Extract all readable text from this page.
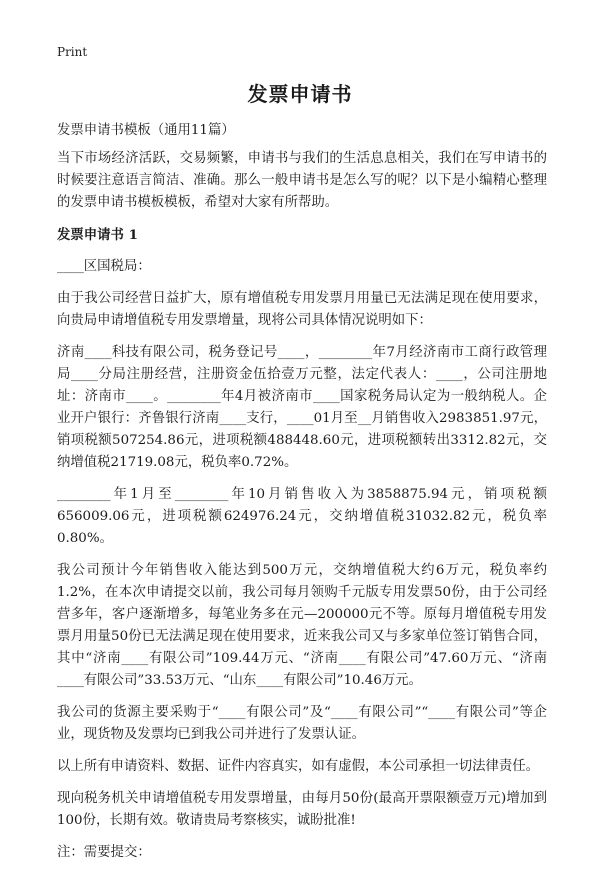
Print
发票申请书

发票申请书模板（通用11篇）

当下市场经济活跃，交易频繁，申请书与我们的生活息息相关，我们在写申请书的时候要注意语言简洁、准确。那么一般申请书是怎么写的呢？以下是小编精心整理的发票申请书模板模板，希望对大家有所帮助。

发票申请书 1

____区国税局：

由于我公司经营日益扩大，原有增值税专用发票月用量已无法满足现在使用要求，向贵局申请增值税专用发票增量，现将公司具体情况说明如下：

济南____科技有限公司，税务登记号____，________年7月经济南市工商行政管理局____分局注册经营，注册资金伍拾壹万元整，法定代表人：____，公司注册地址：济南市____。________年4月被济南市____国家税务局认定为一般纳税人。企业开户银行：齐鲁银行济南____支行，____01月至__月销售收入2983851.97元，销项税额507254.86元，进项税额488448.60元，进项税额转出3312.82元，交纳增值税21719.08元，税负率0.72%。

________年1月至________年10月销售收入为3858875.94元，销项税额656009.06元，进项税额624976.24元，交纳增值税31032.82元，税负率0.80%。

我公司预计今年销售收入能达到500万元，交纳增值税大约6万元，税负率约1.2%，在本次申请提交以前，我公司每月领购千元版专用发票50份，由于公司经营多年，客户逐渐增多，每笔业务多在元—200000元不等。原每月增值税专用发票月用量50份已无法满足现在使用要求，近来我公司又与多家单位签订销售合同，其中“济南____有限公司”109.44万元、“济南____有限公司”47.60万元、“济南____有限公司”33.53万元、“山东____有限公司”10.46万元。

我公司的货源主要采购于“____有限公司”及“____有限公司”“____有限公司”等企业，现货物及发票均已到我公司并进行了发票认证。

以上所有申请资料、数据、证件内容真实，如有虚假，本公司承担一切法律责任。

现向税务机关申请增值税专用发票增量，由每月50份(最高开票限额壹万元)增加到100份，长期有效。敬请贵局考察核实，诚盼批准!

注：需要提交：
